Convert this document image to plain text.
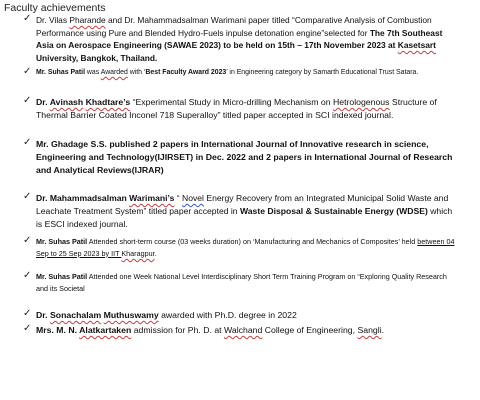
Faculty achievements
✓ Dr. Vilas Pharande and Dr. Mahammadsalman Warimani paper titled “Comparative Analysis of Combustion Performance using Pure and Blended Hydro-Fuels inpulse detonation engine”selected for The 7th Southeast Asia on Aerospace Engineering (SAWAE 2023) to be held on 15th – 17th November 2023 at Kasetsart University, Bangkok, Thailand.

✓ Mr. Suhas Patil was Awarded with ‘Best Faculty Award 2023’ in Engineering category by Samarth Educational Trust Satara.

✓ Dr. Avinash Khadtare’s “Experimental Study in Micro-drilling Mechanism on Hetrologenous Structure of Thermal Barrier Coated Inconel 718 Superalloy” titled paper accepted in SCI indexed journal.

✓ Mr. Ghadage S.S. published 2 papers in International Journal of Innovative research in science, Engineering and Technology(IJIRSET) in Dec. 2022 and 2 papers in International Journal of Research and Analytical Reviews(IJRAR)

✓ Dr. Mahammadsalman Warimani’s “ Novel Energy Recovery from an Integrated Municipal Solid Waste and Leachate Treatment System” titled paper accepted in Waste Disposal & Sustainable Energy (WDSE) which is ESCI indexed journal.

✓ Mr. Suhas Patil Attended short-term course (03 weeks duration) on ‘Manufacturing and Mechanics of Composites’ held between 04 Sep to 25 Sep 2023 by IIT Kharagpur.

✓ Mr. Suhas Patil Attended one Week National Level Interdisciplinary Short Term Training Program on “Exploring Quality Research and its Societal

✓ Dr. Sonachalam Muthuswamy awarded with Ph.D. degree in 2022

✓ Mrs. M. N. Alatkartaken admission for Ph. D. at Walchand College of Engineering, Sangli.
